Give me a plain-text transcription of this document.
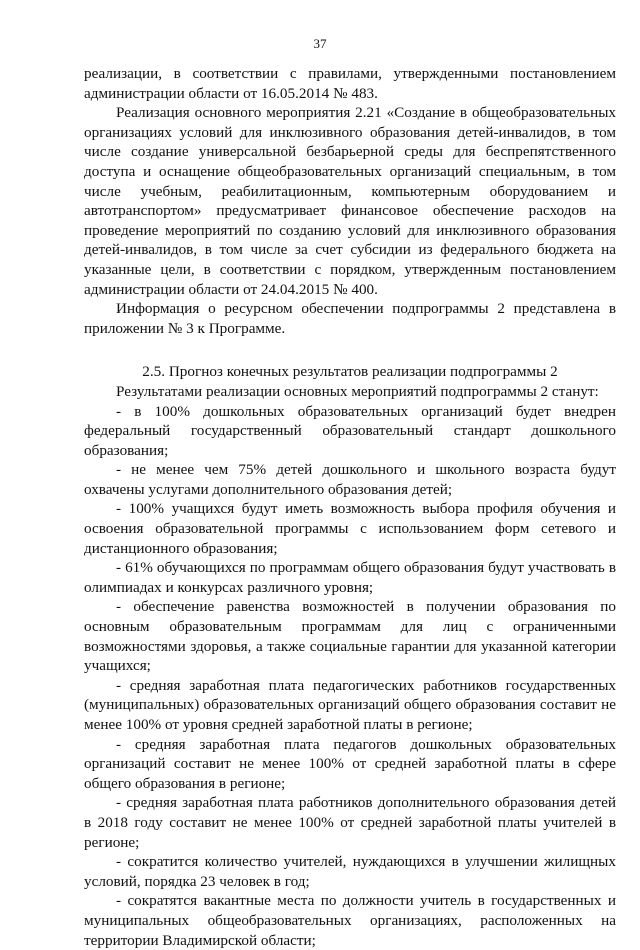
37

реализации, в соответствии с правилами, утвержденными постановлением администрации области от 16.05.2014 № 483.

Реализация основного мероприятия 2.21 «Создание в общеобразовательных организациях условий для инклюзивного образования детей-инвалидов, в том числе создание универсальной безбарьерной среды для беспрепятственного доступа и оснащение общеобразовательных организаций специальным, в том числе учебным, реабилитационным, компьютерным оборудованием и автотранспортом» предусматривает финансовое обеспечение расходов на проведение мероприятий по созданию условий для инклюзивного образования детей-инвалидов, в том числе за счет субсидии из федерального бюджета на указанные цели, в соответствии с порядком, утвержденным постановлением администрации области от 24.04.2015 № 400.

Информация о ресурсном обеспечении подпрограммы 2 представлена в приложении № 3 к Программе.

2.5. Прогноз конечных результатов реализации подпрограммы 2

Результатами реализации основных мероприятий подпрограммы 2 станут:

- в 100% дошкольных образовательных организаций будет внедрен федеральный государственный образовательный стандарт дошкольного образования;

- не менее чем 75% детей дошкольного и школьного возраста будут охвачены услугами дополнительного образования детей;

- 100% учащихся будут иметь возможность выбора профиля обучения и освоения образовательной программы с использованием форм сетевого и дистанционного образования;

- 61% обучающихся по программам общего образования будут участвовать в олимпиадах и конкурсах различного уровня;

- обеспечение равенства возможностей в получении образования по основным образовательным программам для лиц с ограниченными возможностями здоровья, а также социальные гарантии для указанной категории учащихся;

- средняя заработная плата педагогических работников государственных (муниципальных) образовательных организаций общего образования составит не менее 100% от уровня средней заработной платы в регионе;

- средняя заработная плата педагогов дошкольных образовательных организаций составит не менее 100% от средней заработной платы в сфере общего образования в регионе;

- средняя заработная плата работников дополнительного образования детей в 2018 году составит не менее 100% от средней заработной платы учителей в регионе;

- сократится количество учителей, нуждающихся в улучшении жилищных условий, порядка 23 человек в год;

- сократятся вакантные места по должности учитель в государственных и муниципальных общеобразовательных организациях, расположенных на территории Владимирской области;
